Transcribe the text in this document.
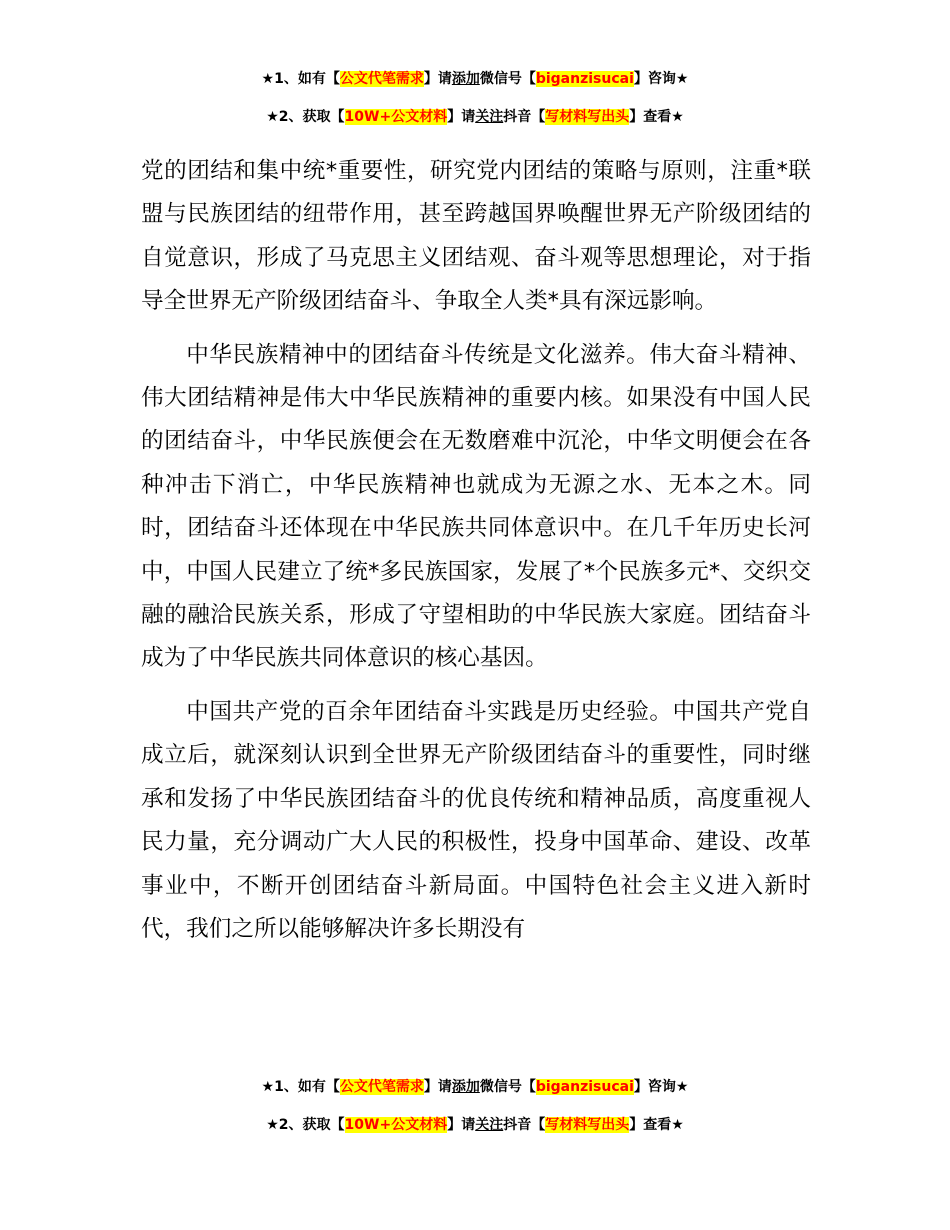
★1、如有【公文代笔需求】请添加微信号【biganzisucai】咨询★
★2、获取【10W+公文材料】请关注抖音【写材料写出头】查看★

党的团结和集中统*重要性，研究党内团结的策略与原则，注重*联盟与民族团结的纽带作用，甚至跨越国界唤醒世界无产阶级团结的自觉意识，形成了马克思主义团结观、奋斗观等思想理论，对于指导全世界无产阶级团结奋斗、争取全人类*具有深远影响。

中华民族精神中的团结奋斗传统是文化滋养。伟大奋斗精神、伟大团结精神是伟大中华民族精神的重要内核。如果没有中国人民的团结奋斗，中华民族便会在无数磨难中沉沦，中华文明便会在各种冲击下消亡，中华民族精神也就成为无源之水、无本之木。同时，团结奋斗还体现在中华民族共同体意识中。在几千年历史长河中，中国人民建立了统*多民族国家，发展了*个民族多元*、交织交融的融洽民族关系，形成了守望相助的中华民族大家庭。团结奋斗成为了中华民族共同体意识的核心基因。

中国共产党的百余年团结奋斗实践是历史经验。中国共产党自成立后，就深刻认识到全世界无产阶级团结奋斗的重要性，同时继承和发扬了中华民族团结奋斗的优良传统和精神品质，高度重视人民力量，充分调动广大人民的积极性，投身中国革命、建设、改革事业中，不断开创团结奋斗新局面。中国特色社会主义进入新时代，我们之所以能够解决许多长期没有

★1、如有【公文代笔需求】请添加微信号【biganzisucai】咨询★
★2、获取【10W+公文材料】请关注抖音【写材料写出头】查看★
